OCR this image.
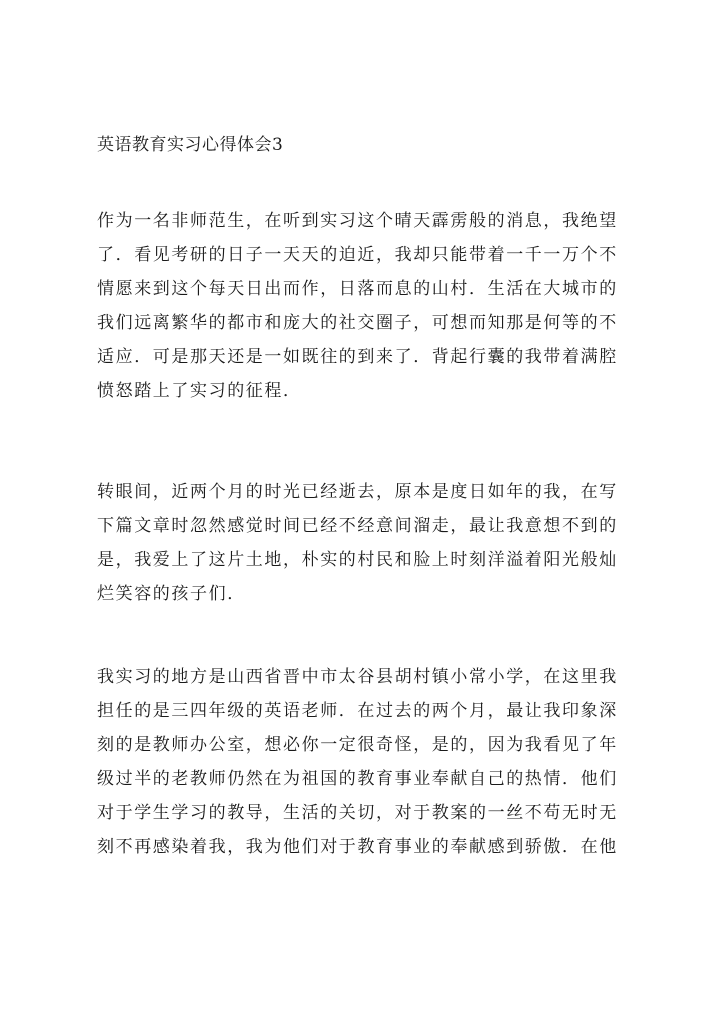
英语教育实习心得体会3
作为一名非师范生，在听到实习这个晴天霹雳般的消息，我绝望
了．看见考研的日子一天天的迫近，我却只能带着一千一万个不
情愿来到这个每天日出而作，日落而息的山村．生活在大城市的
我们远离繁华的都市和庞大的社交圈子，可想而知那是何等的不
适应．可是那天还是一如既往的到来了．背起行囊的我带着满腔
愤怒踏上了实习的征程．
转眼间，近两个月的时光已经逝去，原本是度日如年的我，在写
下篇文章时忽然感觉时间已经不经意间溜走，最让我意想不到的
是，我爱上了这片土地，朴实的村民和脸上时刻洋溢着阳光般灿
烂笑容的孩子们．
我实习的地方是山西省晋中市太谷县胡村镇小常小学，在这里我
担任的是三四年级的英语老师．在过去的两个月，最让我印象深
刻的是教师办公室，想必你一定很奇怪，是的，因为我看见了年
级过半的老教师仍然在为祖国的教育事业奉献自己的热情．他们
对于学生学习的教导，生活的关切，对于教案的一丝不苟无时无
刻不再感染着我，我为他们对于教育事业的奉献感到骄傲．在他
